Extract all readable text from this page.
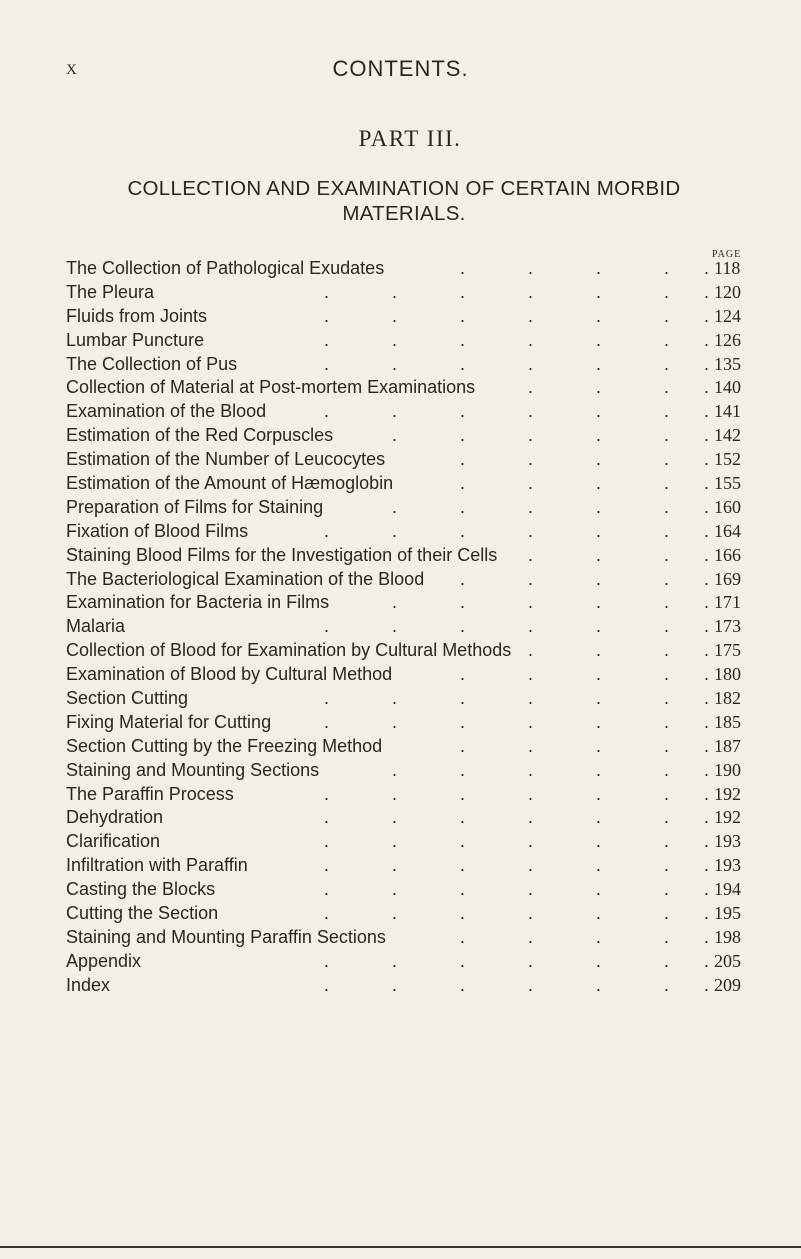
X	CONTENTS.
PART III.
COLLECTION AND EXAMINATION OF CERTAIN MORBID
MATERIALS.
PAGE
The Collection of Pathological Exudates	.	.	.	. . 118
The Pleura	.	.	.	.	.	. . 120
Fluids from Joints	.	.	.	.	.	. . 124
Lumbar Puncture	.	.	.	.	.	. . 126
The Collection of Pus	.	.	.	.	.	. . 135
Collection of Material at Post-mortem Examinations	.	.	. . 140
Examination of the Blood	.	.	.	.	.	. . 141
Estimation of the Red Corpuscles	.	.	.	.	. . 142
Estimation of the Number of Leucocytes	.	.	.	. . 152
Estimation of the Amount of Hæmoglobin	.	.	.	. . 155
Preparation of Films for Staining	.	.	.	.	. . 160
Fixation of Blood Films	.	.	.	.	.	. . 164
Staining Blood Films for the Investigation of their Cells .	.	. . 166
The Bacteriological Examination of the Blood .	.	.	. . 169
Examination for Bacteria in Films	.	.	.	.	. . 171
Malaria	.	.	.	.	.	. . 173
Collection of Blood for Examination by Cultural Methods .	.	. . 175
Examination of Blood by Cultural Method	.	.	.	. . 180
Section Cutting	.	.	.	.	.	. . 182
Fixing Material for Cutting	.	.	.	.	.	. . 185
Section Cutting by the Freezing Method	.	.	.	. . 187
Staining and Mounting Sections	.	.	.	.	. . 190
The Paraffin Process	.	.	.	.	.	. . 192
Dehydration	.	.	.	.	.	. . 192
Clarification	.	.	.	.	.	. . 193
Infiltration with Paraffin	.	.	.	.	.	. . 193
Casting the Blocks	.	.	.	.	.	. . 194
Cutting the Section	.	.	.	.	.	. . 195
Staining and Mounting Paraffin Sections	.	.	.	. . 198
Appendix	.	.	.	.	.	. . 205
Index	.	.	.	.	.	. . 209
